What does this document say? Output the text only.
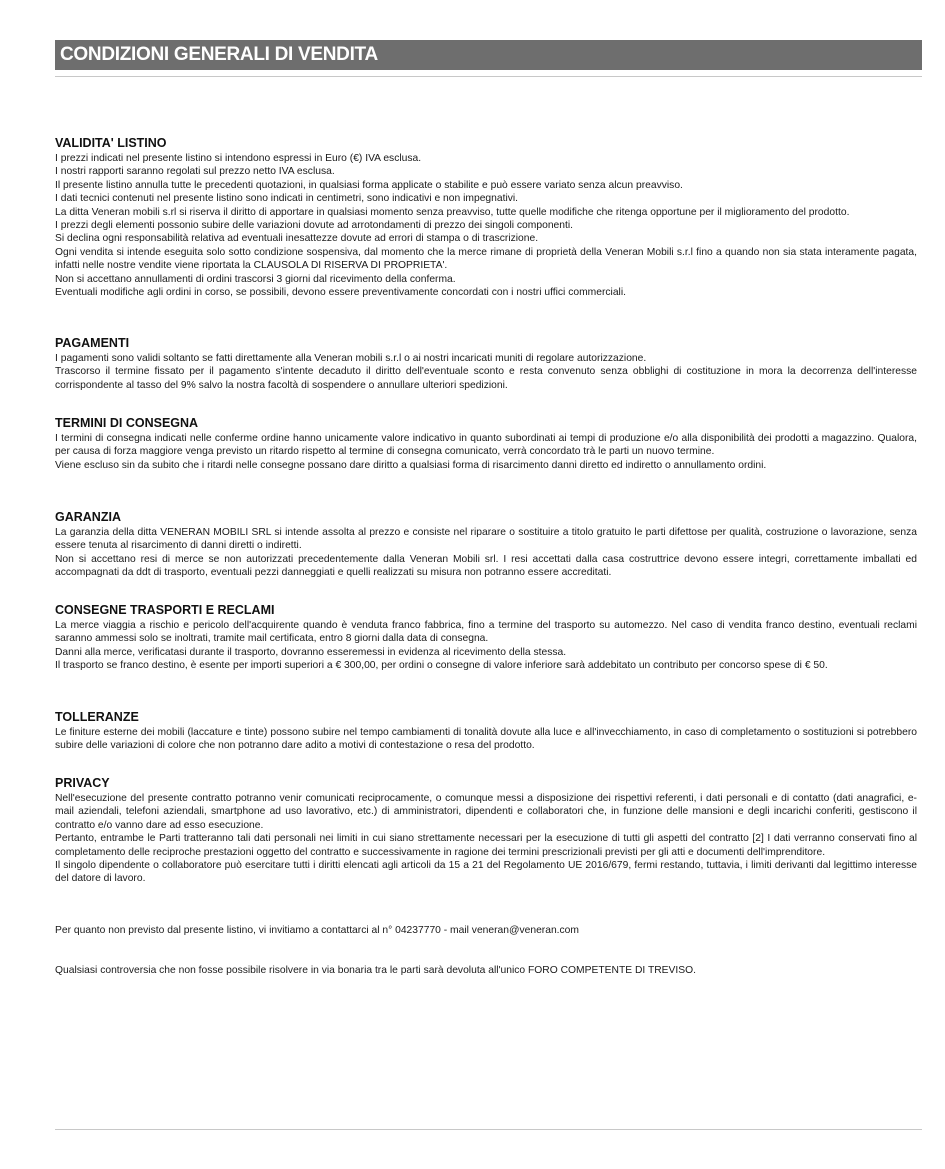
CONDIZIONI GENERALI DI VENDITA
VALIDITA' LISTINO

I prezzi indicati nel presente listino si intendono espressi in Euro (€) IVA esclusa.

I nostri rapporti saranno regolati sul prezzo netto IVA esclusa.

Il presente listino annulla tutte le precedenti quotazioni, in qualsiasi forma applicate o stabilite e può essere variato senza alcun preavviso.

I dati tecnici contenuti nel presente listino sono indicati in centimetri, sono indicativi e non impegnativi.

La ditta Veneran mobili s.rl si riserva il diritto di apportare in qualsiasi momento senza preavviso, tutte quelle modifiche che ritenga opportune per il miglioramento del prodotto.

I prezzi degli elementi possonio subire delle variazioni dovute ad arrotondamenti di prezzo dei singoli componenti.

Si declina ogni responsabilità relativa ad eventuali inesattezze dovute ad errori di stampa o di trascrizione.

Ogni vendita si intende eseguita solo sotto condizione sospensiva, dal momento che la merce rimane di proprietà della Veneran Mobili s.r.l fino a quando non sia stata interamente pagata, infatti nelle nostre vendite viene riportata la CLAUSOLA DI RISERVA DI PROPRIETA'.

Non si accettano annullamenti di ordini trascorsi 3 giorni dal ricevimento della conferma.

Eventuali modifiche agli ordini in corso, se possibili, devono essere preventivamente concordati con i nostri uffici commerciali.

PAGAMENTI

I pagamenti sono validi soltanto se fatti direttamente alla Veneran mobili s.r.l o ai nostri incaricati muniti di regolare autorizzazione.

Trascorso il termine fissato per il pagamento s'intente decaduto il diritto dell'eventuale sconto e resta convenuto senza obblighi di costituzione in mora la decorrenza dell'interesse corrispondente al tasso del 9% salvo la nostra facoltà di sospendere o annullare ulteriori spedizioni.

TERMINI DI CONSEGNA

I termini di consegna indicati nelle conferme ordine hanno unicamente valore indicativo in quanto subordinati ai tempi di produzione e/o alla disponibilità dei prodotti a magazzino. Qualora, per causa di forza maggiore venga previsto un ritardo rispetto al termine di consegna comunicato, verrà concordato trà le parti un nuovo termine.

Viene escluso sin da subito che i ritardi nelle consegne possano dare diritto a qualsiasi forma di risarcimento danni diretto ed indiretto o annullamento ordini.

GARANZIA

La garanzia della ditta VENERAN MOBILI SRL si intende assolta al prezzo e consiste nel riparare o sostituire a titolo gratuito le parti difettose per qualità, costruzione o lavorazione, senza essere tenuta al risarcimento di danni diretti o indiretti.

Non si accettano resi di merce se non autorizzati precedentemente dalla Veneran Mobili srl. I resi accettati dalla casa costruttrice devono essere integri, correttamente imballati ed accompagnati da ddt di trasporto, eventuali pezzi danneggiati e quelli realizzati su misura non potranno essere accreditati.

CONSEGNE TRASPORTI E RECLAMI

La merce viaggia a rischio e pericolo dell'acquirente quando è venduta franco fabbrica, fino a termine del trasporto su automezzo. Nel caso di vendita franco destino, eventuali reclami saranno ammessi solo se inoltrati, tramite mail certificata, entro 8 giorni dalla data di consegna.

Danni alla merce, verificatasi durante il trasporto, dovranno esseremessi in evidenza al ricevimento della stessa.

Il trasporto se franco destino, è esente per importi superiori a € 300,00, per ordini o consegne di valore inferiore sarà addebitato un contributo per concorso spese di € 50.

TOLLERANZE

Le finiture esterne dei mobili (laccature e tinte) possono subire nel tempo cambiamenti di tonalità dovute alla luce e all'invecchiamento, in caso di completamento o sostituzioni si potrebbero subire delle variazioni di colore che non potranno dare adito a motivi di contestazione o resa del prodotto.

PRIVACY

Nell'esecuzione del presente contratto potranno venir comunicati reciprocamente, o comunque messi a disposizione dei rispettivi referenti, i dati personali e di contatto (dati anagrafici, e-mail aziendali, telefoni aziendali, smartphone ad uso lavorativo, etc.) di amministratori, dipendenti e collaboratori che, in funzione delle mansioni e degli incarichi conferiti, gestiscono il contratto e/o vanno dare ad esso esecuzione.

Pertanto, entrambe le Parti tratteranno tali dati personali nei limiti in cui siano strettamente necessari per la esecuzione di tutti gli aspetti del contratto [2] I dati verranno conservati fino al completamento delle reciproche prestazioni oggetto del contratto e successivamente in ragione dei termini prescrizionali previsti per gli atti e documenti dell'imprenditore.

Il singolo dipendente o collaboratore può esercitare tutti i diritti elencati agli articoli da 15 a 21 del Regolamento UE 2016/679, fermi restando, tuttavia, i limiti derivanti dal legittimo interesse del datore di lavoro.

Per quanto non previsto dal presente listino, vi invitiamo a contattarci al n° 04237770 - mail veneran@veneran.com
Qualsiasi controversia che non fosse possibile risolvere in via bonaria tra le parti sarà devoluta all'unico FORO COMPETENTE DI TREVISO.
